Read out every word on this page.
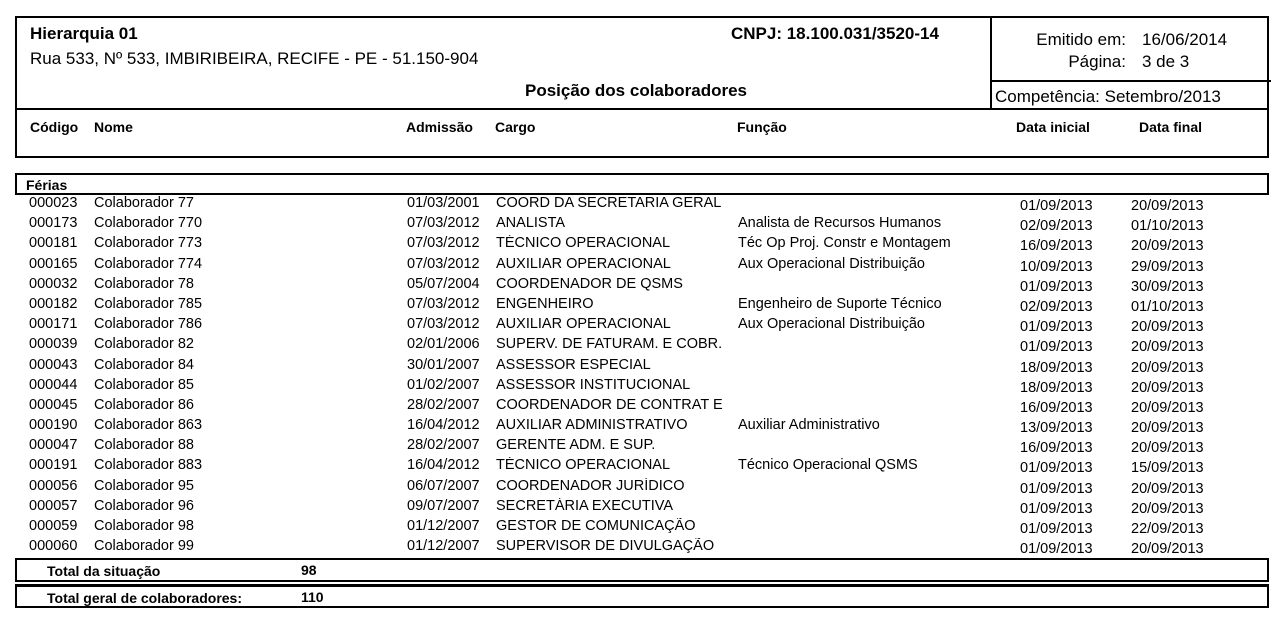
Hierarquia 01
Rua 533, Nº 533, IMBIRIBEIRA, RECIFE - PE - 51.150-904
CNPJ: 18.100.031/3520-14
Posição dos colaboradores
Emitido em: 16/06/2014
Página: 3 de 3
Competência: Setembro/2013
Código Nome	Admissão Cargo	Função	Data inicial	Data final
Férias
000023 Colaborador 77	01/03/2001 COORD DA SECRETARIA GERAL	01/09/2013	20/09/2013
000173 Colaborador 770	07/03/2012 ANALISTA	Analista de Recursos Humanos	02/09/2013	01/10/2013
000181 Colaborador 773	07/03/2012 TÉCNICO OPERACIONAL	Téc Op Proj. Constr e Montagem	16/09/2013	20/09/2013
000165 Colaborador 774	07/03/2012 AUXILIAR OPERACIONAL	Aux Operacional Distribuição	10/09/2013	29/09/2013
000032 Colaborador 78	05/07/2004 COORDENADOR DE QSMS	01/09/2013	30/09/2013
000182 Colaborador 785	07/03/2012 ENGENHEIRO	Engenheiro de Suporte Técnico	02/09/2013	01/10/2013
000171 Colaborador 786	07/03/2012 AUXILIAR OPERACIONAL	Aux Operacional Distribuição	01/09/2013	20/09/2013
000039 Colaborador 82	02/01/2006 SUPERV. DE FATURAM. E COBR.	01/09/2013	20/09/2013
000043 Colaborador 84	30/01/2007 ASSESSOR ESPECIAL	18/09/2013	20/09/2013
000044 Colaborador 85	01/02/2007 ASSESSOR INSTITUCIONAL	18/09/2013	20/09/2013
000045 Colaborador 86	28/02/2007 COORDENADOR DE CONTRAT E	16/09/2013	20/09/2013
000190 Colaborador 863	16/04/2012 AUXILIAR ADMINISTRATIVO	Auxiliar Administrativo	13/09/2013	20/09/2013
000047 Colaborador 88	28/02/2007 GERENTE ADM. E SUP.	16/09/2013	20/09/2013
000191 Colaborador 883	16/04/2012 TÉCNICO OPERACIONAL	Técnico Operacional QSMS	01/09/2013	15/09/2013
000056 Colaborador 95	06/07/2007 COORDENADOR JURÍDICO	01/09/2013	20/09/2013
000057 Colaborador 96	09/07/2007 SECRETÁRIA EXECUTIVA	01/09/2013	20/09/2013
000059 Colaborador 98	01/12/2007 GESTOR DE COMUNICAÇÃO	01/09/2013	22/09/2013
000060 Colaborador 99	01/12/2007 SUPERVISOR DE DIVULGAÇÃO	01/09/2013	20/09/2013
Total da situação	98
Total geral de colaboradores:	110
